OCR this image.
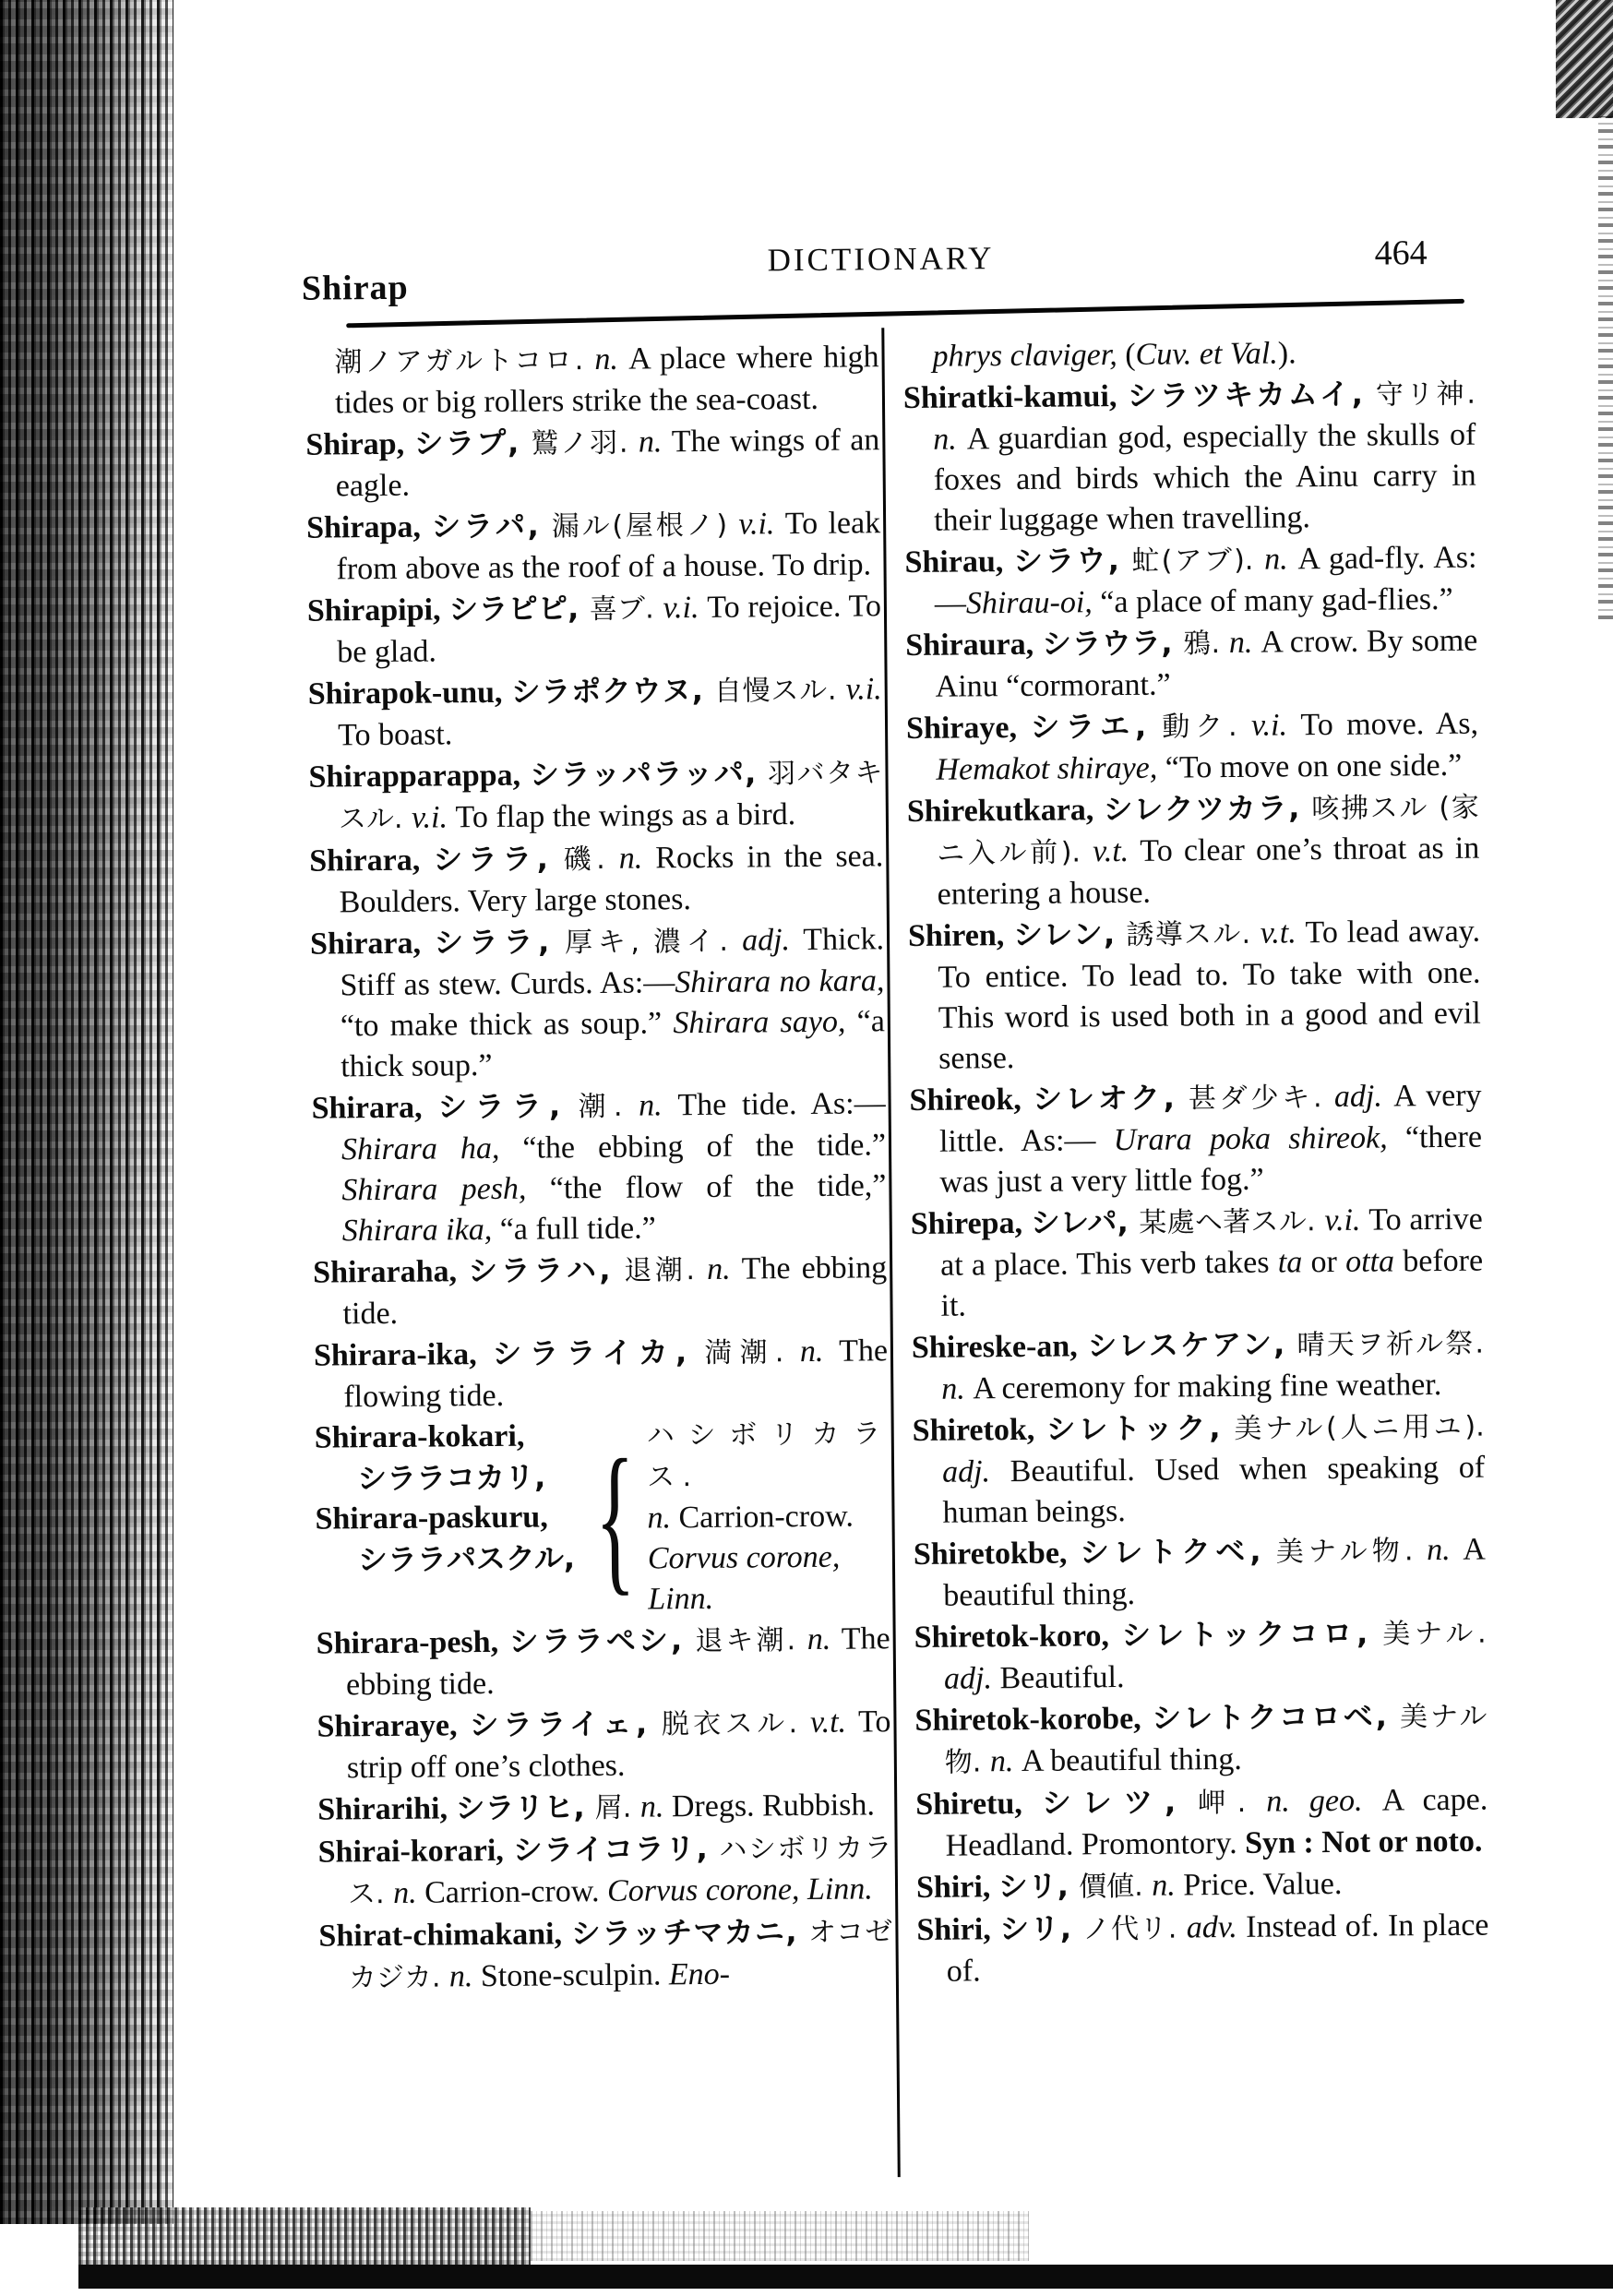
Shirap
DICTIONARY	464

潮ノアガルトコロ. n. A place where high tides or big rollers strike the sea-coast.

Shirap, シラプ, 鷲ノ羽. n. The wings of an eagle.

Shirapa, シラパ, 漏ル(屋根ノ) v.i. To leak from above as the roof of a house. To drip.

Shirapipi, シラピピ, 喜ブ. v.i. To rejoice. To be glad.

Shirapok-unu, シラポクウヌ, 自慢スル. v.i. To boast.

Shirapparappa, シラッパラッパ, 羽バタキスル. v.i. To flap the wings as a bird.

Shirara, シララ, 磯. n. Rocks in the sea. Boulders. Very large stones.

Shirara, シララ, 厚キ, 濃イ. adj. Thick. Stiff as stew. Curds. As:—Shirara no kara, “to make thick as soup.” Shirara sayo, “a thick soup.”

Shirara, シララ, 潮. n. The tide. As:—Shirara ha, “the ebbing of the tide.” Shirara pesh, “the flow of the tide,” Shirara ika, “a full tide.”

Shiraraha, シララハ, 退潮. n. The ebbing tide.

Shirara-ika, シラライカ, 満潮. n. The flowing tide.

Shirara-kokari,

シララコカリ,

Shirara-paskuru,

シララパスクル, { ハシボリカラス.

n. Carrion-crow.

Corvus corone,

Linn.

Shirara-pesh, シララペシ, 退キ潮. n. The ebbing tide.

Shiraraye, シラライェ, 脱衣スル. v.t. To strip off one’s clothes.

Shirarihi, シラリヒ, 屑. n. Dregs. Rubbish.

Shirai-korari, シライコラリ, ハシボリカラス. n. Carrion-crow. Corvus corone, Linn.

Shirat-chimakani, シラッチマカニ, オコゼカジカ. n. Stone-sculpin. Eno-

phrys claviger, (Cuv. et Val.).

Shiratki-kamui, シラツキカムイ, 守リ神. n. A guardian god, especially the skulls of foxes and birds which the Ainu carry in their luggage when travelling.

Shirau, シラウ, 虻(アブ). n. A gad-fly. As:—Shirau-oi, “a place of many gad-flies.”

Shiraura, シラウラ, 鴉. n. A crow. By some Ainu “cormorant.”

Shiraye, シラエ, 動ク. v.i. To move. As, Hemakot shiraye, “To move on one side.”

Shirekutkara, シレクツカラ, 咳拂スル (家ニ入ル前). v.t. To clear one’s throat as in entering a house.

Shiren, シレン, 誘導スル. v.t. To lead away. To entice. To lead to. To take with one. This word is used both in a good and evil sense.

Shireok, シレオク, 甚ダ少キ. adj. A very little. As:— Urara poka shireok, “there was just a very little fog.”

Shirepa, シレパ, 某處ヘ著スル. v.i. To arrive at a place. This verb takes ta or otta before it.

Shireske-an, シレスケアン, 晴天ヲ祈ル祭. n. A ceremony for making fine weather.

Shiretok, シレトック, 美ナル(人ニ用ユ). adj. Beautiful. Used when speaking of human beings.

Shiretokbe, シレトクベ, 美ナル物. n. A beautiful thing.

Shiretok-koro, シレトックコロ, 美ナル. adj. Beautiful.

Shiretok-korobe, シレトクコロベ, 美ナル物. n. A beautiful thing.

Shiretu, シレツ, 岬. n. geo. A cape. Headland. Promontory. Syn : Not or noto.

Shiri, シリ, 價値. n. Price. Value.

Shiri, シリ, ノ代リ. adv. Instead of. In place of.
